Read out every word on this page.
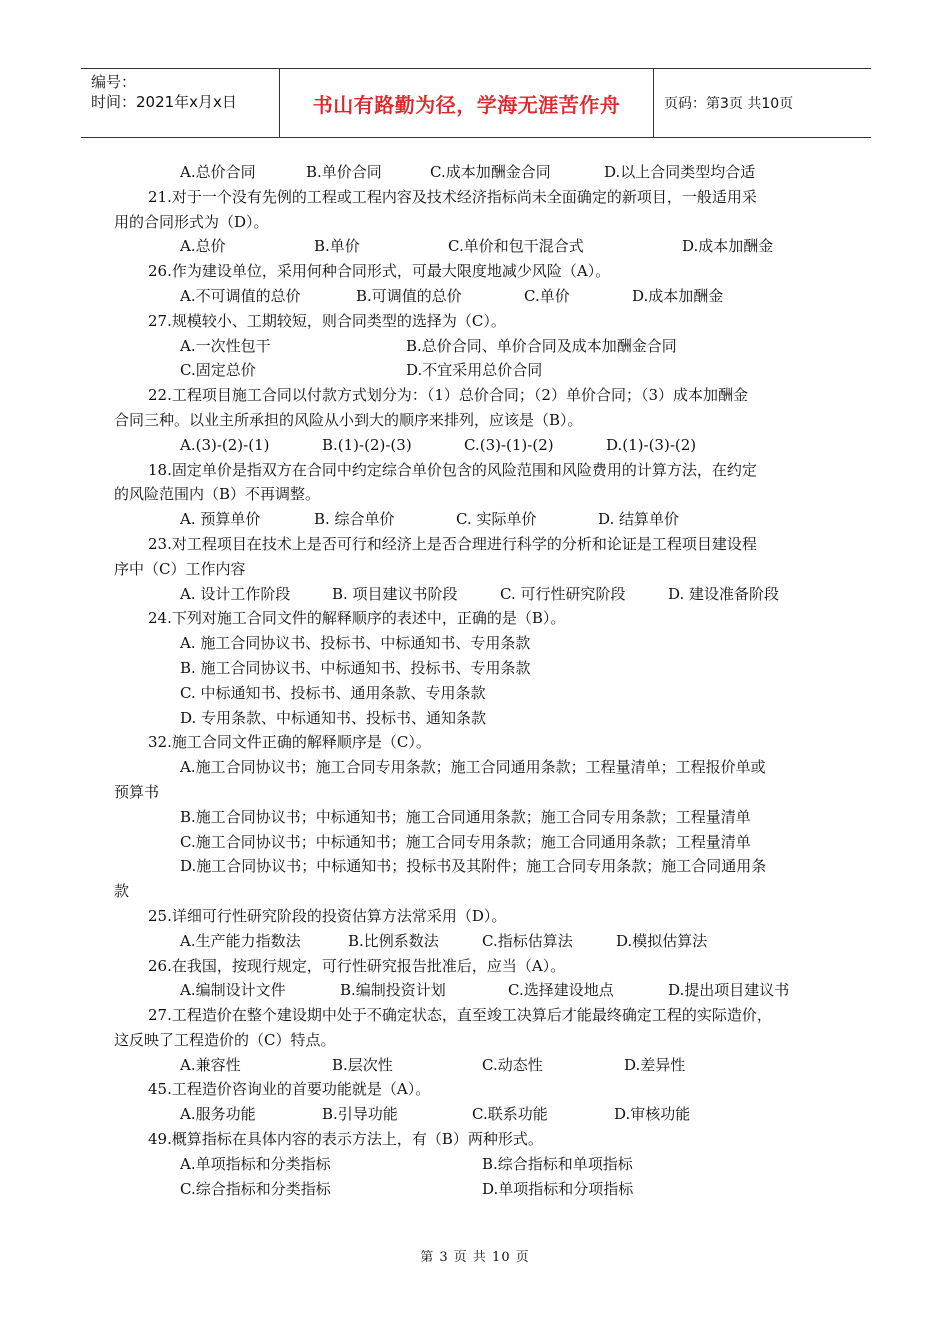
编号：
时间：2021年x月x日	书山有路勤为径，学海无涯苦作舟	页码：第3页 共10页
A.总价合同	B.单价合同	C.成本加酬金合同	D.以上合同类型均合适
21.对于一个没有先例的工程或工程内容及技术经济指标尚未全面确定的新项目，一般适用采
用的合同形式为（D）。
A.总价	B.单价	C.单价和包干混合式	D.成本加酬金
26.作为建设单位，采用何种合同形式，可最大限度地减少风险（A）。
A.不可调值的总价	B.可调值的总价	C.单价	D.成本加酬金
27.规模较小、工期较短，则合同类型的选择为（C）。
A.一次性包干	B.总价合同、单价合同及成本加酬金合同
C.固定总价	D.不宜采用总价合同
22.工程项目施工合同以付款方式划分为：（1）总价合同；（2）单价合同；（3）成本加酬金
合同三种。以业主所承担的风险从小到大的顺序来排列，应该是（B）。
A.(3)-(2)-(1)	B.(1)-(2)-(3)	C.(3)-(1)-(2)	D.(1)-(3)-(2)
18.固定单价是指双方在合同中约定综合单价包含的风险范围和风险费用的计算方法，在约定
的风险范围内（B）不再调整。
A. 预算单价	B. 综合单价	C. 实际单价	D. 结算单价
23.对工程项目在技术上是否可行和经济上是否合理进行科学的分析和论证是工程项目建设程
序中（C）工作内容
A. 设计工作阶段	B. 项目建议书阶段	C. 可行性研究阶段	D. 建设准备阶段
24.下列对施工合同文件的解释顺序的表述中，正确的是（B）。
A. 施工合同协议书、投标书、中标通知书、专用条款
B. 施工合同协议书、中标通知书、投标书、专用条款
C. 中标通知书、投标书、通用条款、专用条款
D. 专用条款、中标通知书、投标书、通知条款
32.施工合同文件正确的解释顺序是（C）。
A.施工合同协议书；施工合同专用条款；施工合同通用条款；工程量清单；工程报价单或
预算书
B.施工合同协议书；中标通知书；施工合同通用条款；施工合同专用条款；工程量清单
C.施工合同协议书；中标通知书；施工合同专用条款；施工合同通用条款；工程量清单
D.施工合同协议书；中标通知书；投标书及其附件；施工合同专用条款；施工合同通用条
款
25.详细可行性研究阶段的投资估算方法常采用（D）。
A.生产能力指数法	B.比例系数法	C.指标估算法	D.模拟估算法
26.在我国，按现行规定，可行性研究报告批准后，应当（A）。
A.编制设计文件	B.编制投资计划	C.选择建设地点	D.提出项目建议书
27.工程造价在整个建设期中处于不确定状态，直至竣工决算后才能最终确定工程的实际造价，
这反映了工程造价的（C）特点。
A.兼容性	B.层次性	C.动态性	D.差异性
45.工程造价咨询业的首要功能就是（A）。
A.服务功能	B.引导功能	C.联系功能	D.审核功能
49.概算指标在具体内容的表示方法上，有（B）两种形式。
A.单项指标和分类指标	B.综合指标和单项指标
C.综合指标和分类指标	D.单项指标和分项指标
第 3 页 共 10 页
